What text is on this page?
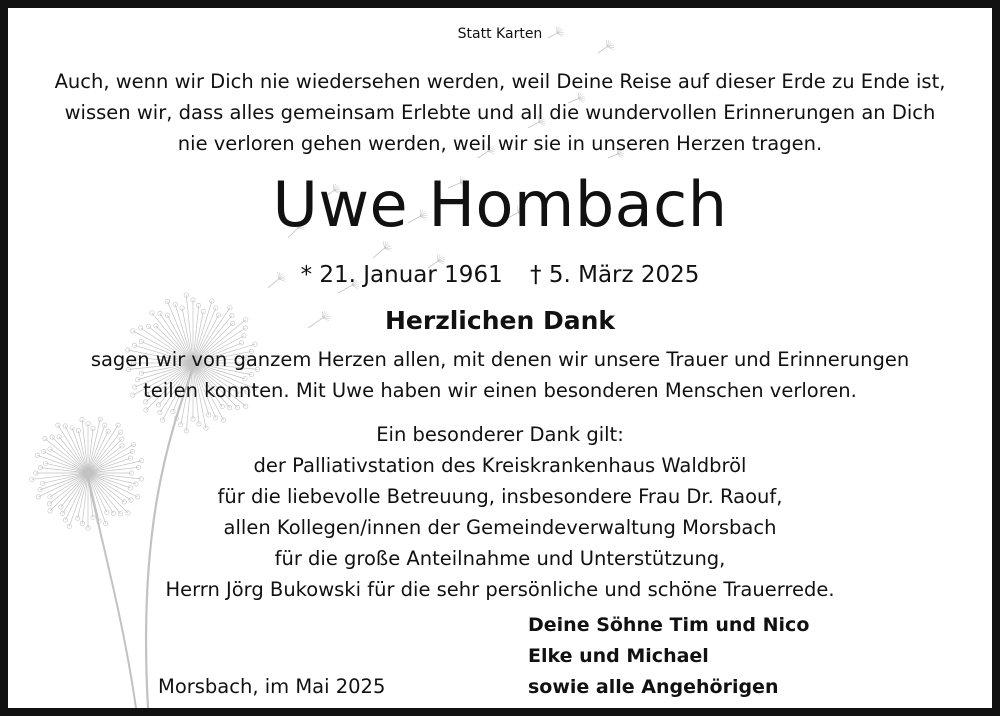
Statt Karten
Auch, wenn wir Dich nie wiedersehen werden, weil Deine Reise auf dieser Erde zu Ende ist,
wissen wir, dass alles gemeinsam Erlebte und all die wundervollen Erinnerungen an Dich
nie verloren gehen werden, weil wir sie in unseren Herzen tragen.
Uwe Hombach
* 21. Januar 1961 † 5. März 2025
Herzlichen Dank
sagen wir von ganzem Herzen allen, mit denen wir unsere Trauer und Erinnerungen
teilen konnten. Mit Uwe haben wir einen besonderen Menschen verloren.
Ein besonderer Dank gilt:
der Palliativstation des Kreiskrankenhaus Waldbröl
für die liebevolle Betreuung, insbesondere Frau Dr. Raouf,
allen Kollegen/innen der Gemeindeverwaltung Morsbach
für die große Anteilnahme und Unterstützung,
Herrn Jörg Bukowski für die sehr persönliche und schöne Trauerrede.
Morsbach, im Mai 2025
Deine Söhne Tim und Nico
Elke und Michael
sowie alle Angehörigen
